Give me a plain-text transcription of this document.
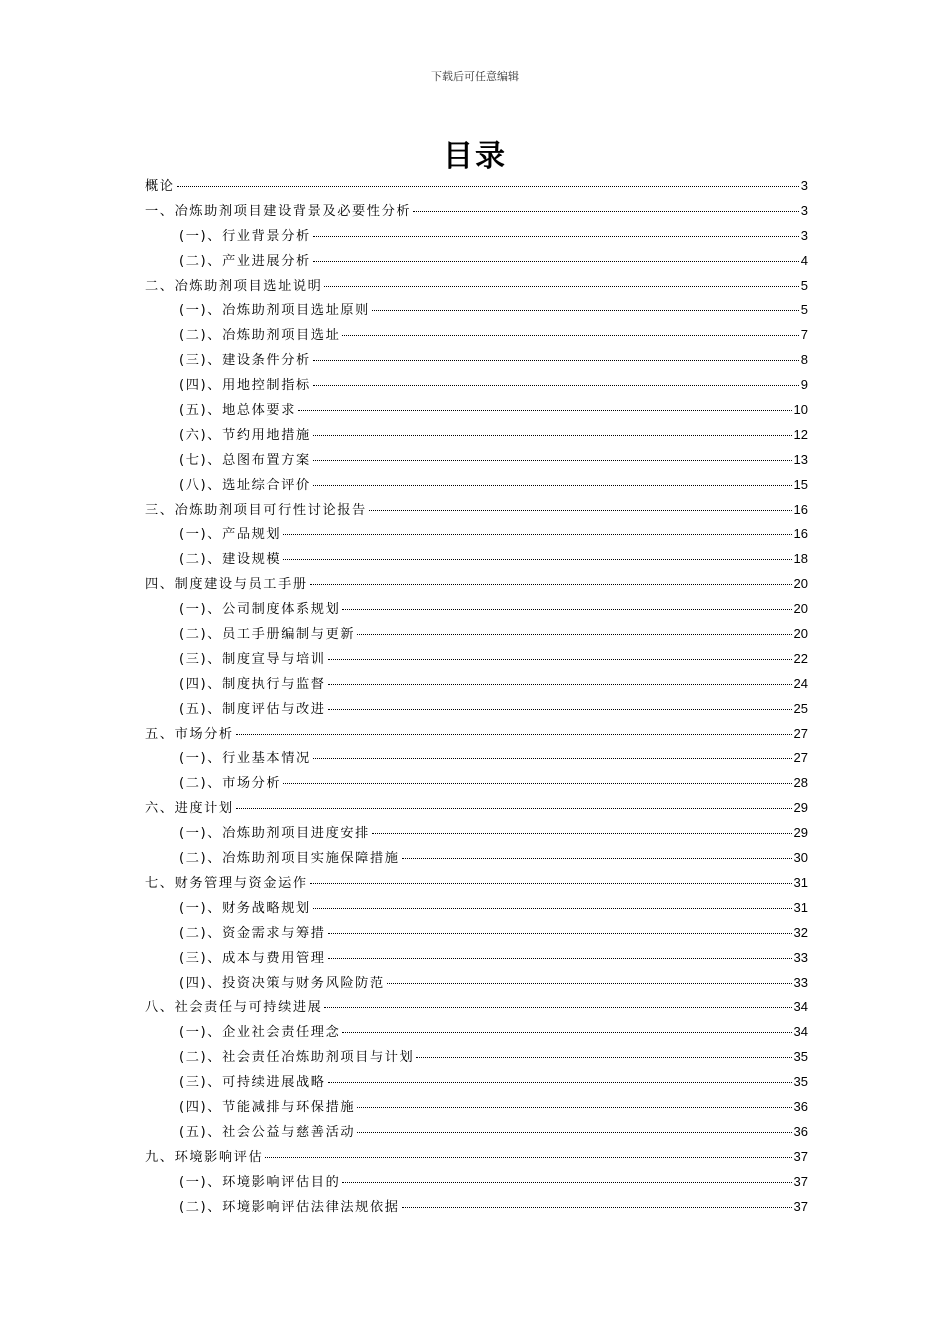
下载后可任意编辑
目录
概论	3
一、冶炼助剂项目建设背景及必要性分析	3
(一)、行业背景分析	3
(二)、产业进展分析	4
二、冶炼助剂项目选址说明	5
(一)、冶炼助剂项目选址原则	5
(二)、冶炼助剂项目选址	7
(三)、建设条件分析	8
(四)、用地控制指标	9
(五)、地总体要求	10
(六)、节约用地措施	12
(七)、总图布置方案	13
(八)、选址综合评价	15
三、冶炼助剂项目可行性讨论报告	16
(一)、产品规划	16
(二)、建设规模	18
四、制度建设与员工手册	20
(一)、公司制度体系规划	20
(二)、员工手册编制与更新	20
(三)、制度宣导与培训	22
(四)、制度执行与监督	24
(五)、制度评估与改进	25
五、市场分析	27
(一)、行业基本情况	27
(二)、市场分析	28
六、进度计划	29
(一)、冶炼助剂项目进度安排	29
(二)、冶炼助剂项目实施保障措施	30
七、财务管理与资金运作	31
(一)、财务战略规划	31
(二)、资金需求与筹措	32
(三)、成本与费用管理	33
(四)、投资决策与财务风险防范	33
八、社会责任与可持续进展	34
(一)、企业社会责任理念	34
(二)、社会责任冶炼助剂项目与计划	35
(三)、可持续进展战略	35
(四)、节能减排与环保措施	36
(五)、社会公益与慈善活动	36
九、环境影响评估	37
(一)、环境影响评估目的	37
(二)、环境影响评估法律法规依据	37
